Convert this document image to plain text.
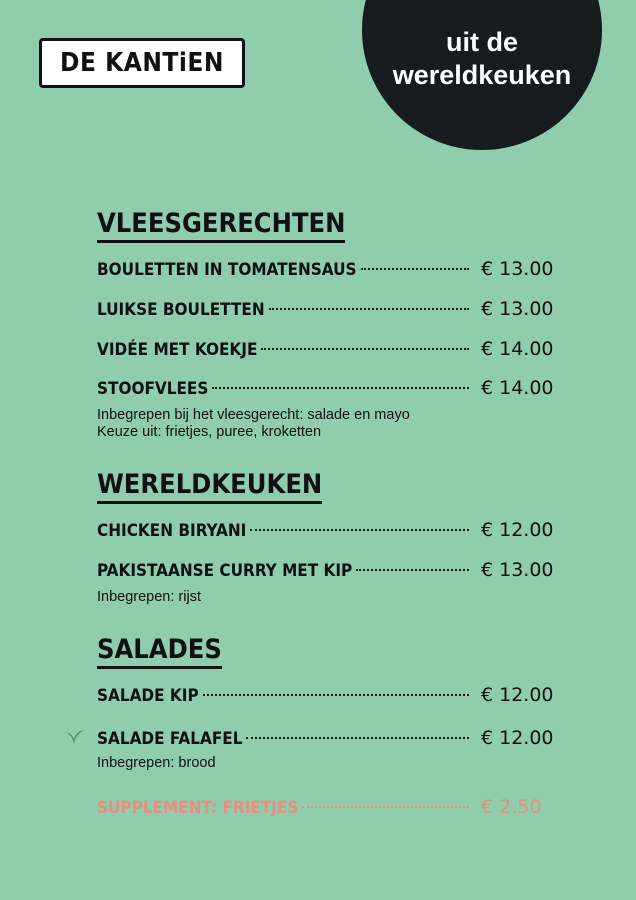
DE KANTiEN
uit de
wereldkeuken
VLEESGERECHTEN
BOULETTEN IN TOMATENSAUS	€ 13.00
LUIKSE BOULETTEN	€ 13.00
VIDÉE MET KOEKJE	€ 14.00
STOOFVLEES	€ 14.00
Inbegrepen bij het vleesgerecht: salade en mayo
Keuze uit: frietjes, puree, kroketten
WERELDKEUKEN
CHICKEN BIRYANI	€ 12.00
PAKISTAANSE CURRY MET KIP	€ 13.00
Inbegrepen: rijst
SALADES
SALADE KIP	€ 12.00
SALADE FALAFEL	€ 12.00
Inbegrepen: brood
SUPPLEMENT: FRIETJES	€ 2.50
